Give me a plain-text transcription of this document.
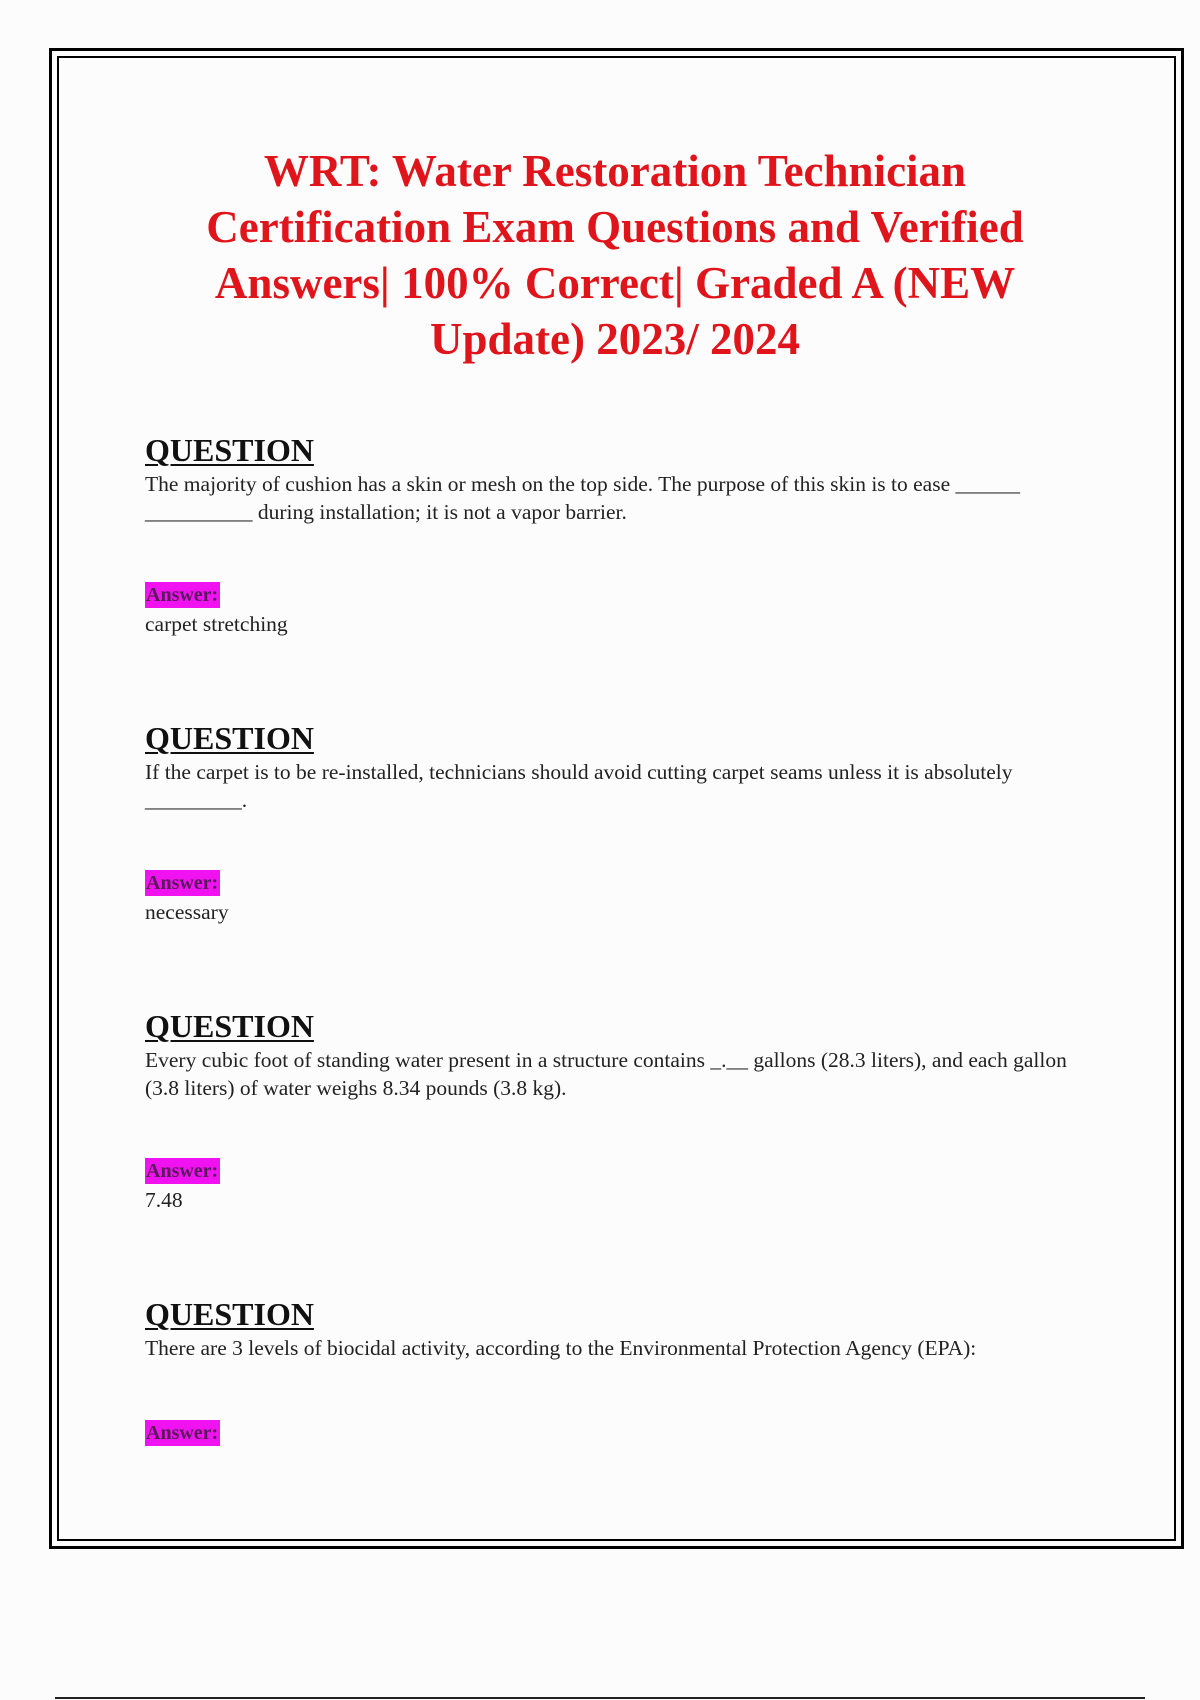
WRT: Water Restoration Technician Certification Exam Questions and Verified Answers| 100% Correct| Graded A (NEW Update) 2023/ 2024
QUESTION

The majority of cushion has a skin or mesh on the top side. The purpose of this skin is to ease ______ __________ during installation; it is not a vapor barrier.

Answer:
carpet stretching
QUESTION

If the carpet is to be re-installed, technicians should avoid cutting carpet seams unless it is absolutely _________.

Answer:
necessary
QUESTION

Every cubic foot of standing water present in a structure contains _.__ gallons (28.3 liters), and each gallon (3.8 liters) of water weighs 8.34 pounds (3.8 kg).

Answer:
7.48
QUESTION

There are 3 levels of biocidal activity, according to the Environmental Protection Agency (EPA):

Answer:
